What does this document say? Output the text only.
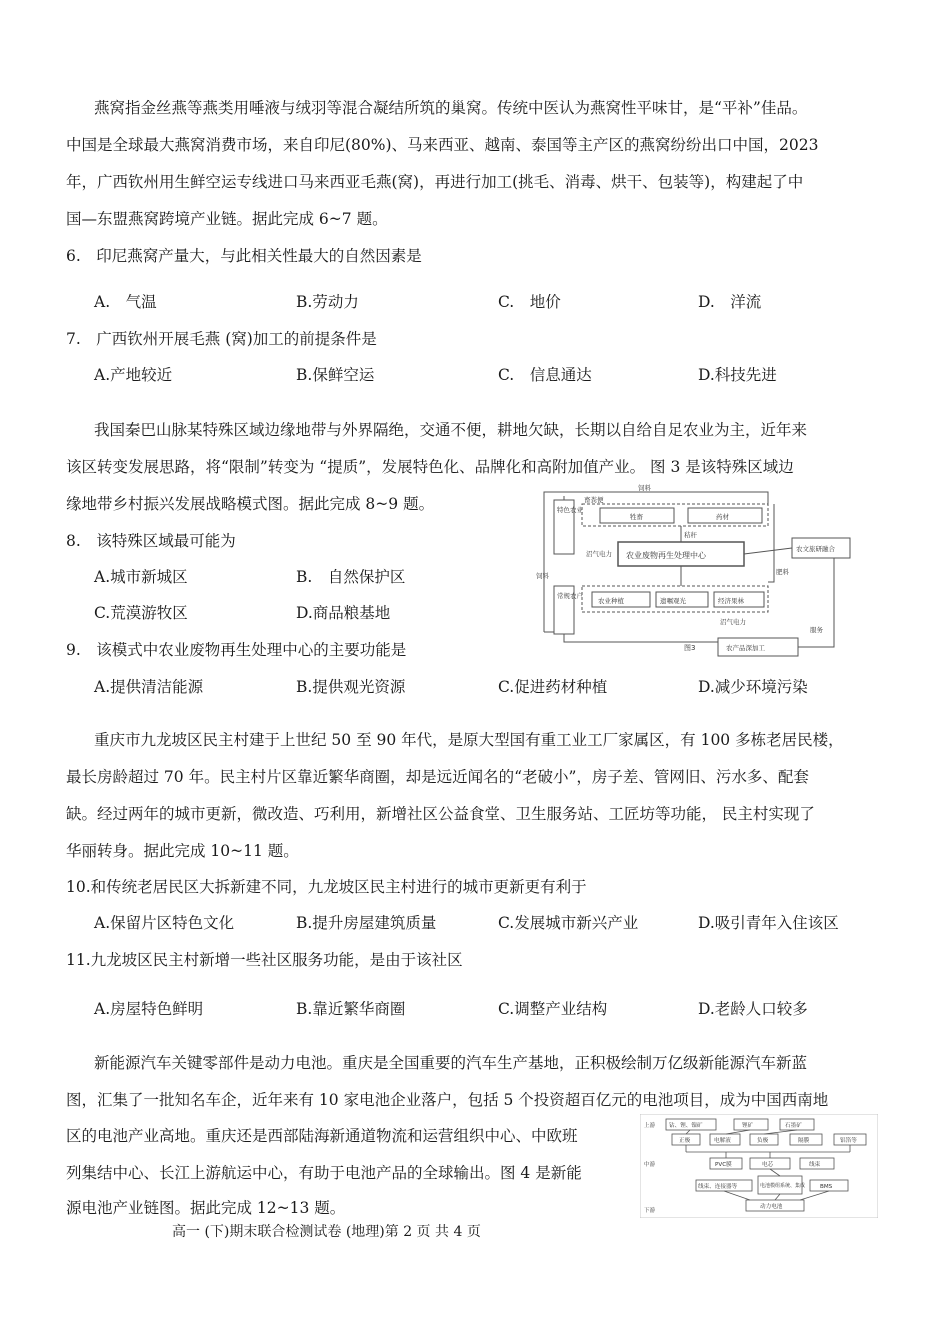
燕窝指金丝燕等燕类用唾液与绒羽等混合凝结所筑的巢窝。传统中医认为燕窝性平味甘，是“平补”佳品。
中国是全球最大燕窝消费市场，来自印尼(80%)、马来西亚、越南、泰国等主产区的燕窝纷纷出口中国，2023
年，广西钦州用生鲜空运专线进口马来西亚毛燕(窝)，再进行加工(挑毛、消毒、烘干、包装等)，构建起了中
国—东盟燕窝跨境产业链。据此完成 6~7 题。
6.　印尼燕窝产量大，与此相关性最大的自然因素是
A.　气温	B.劳动力	C.　地价	D.　洋流
7.　广西钦州开展毛燕 (窝)加工的前提条件是
A.产地较近	B.保鲜空运	C.　信息通达	D.科技先进
我国秦巴山脉某特殊区域边缘地带与外界隔绝，交通不便，耕地欠缺，长期以自给自足农业为主，近年来
该区转变发展思路，将“限制”转变为 “提质”，发展特色化、品牌化和高附加值产业。 图 3 是该特殊区域边
缘地带乡村振兴发展战略模式图。据此完成 8~9 题。
8.　该特殊区域最可能为
A.城市新城区	B.　自然保护区
C.荒漠游牧区	D.商品粮基地
9.　该模式中农业废物再生处理中心的主要功能是
A.提供清洁能源	B.提供观光资源	C.促进药材种植	D.减少环境污染
饲料
特色农业
常规农户
畜粪便
牲畜	药材
农业废物再生处理中心
沼气电力
秸秆
肥料
饲料
农业种植	遗嘱观光	经济果林
农文旅研融合
农产品深加工
服务
沼气电力
图3
重庆市九龙坡区民主村建于上世纪 50 至 90 年代，是原大型国有重工业工厂家属区，有 100 多栋老居民楼，
最长房龄超过 70 年。民主村片区靠近繁华商圈，却是远近闻名的“老破小”，房子差、管网旧、污水多、配套
缺。经过两年的城市更新，微改造、巧利用，新增社区公益食堂、卫生服务站、工匠坊等功能， 民主村实现了
华丽转身。据此完成 10~11 题。
10.和传统老居民区大拆新建不同，九龙坡区民主村进行的城市更新更有利于
A.保留片区特色文化	B.提升房屋建筑质量	C.发展城市新兴产业	D.吸引青年入住该区
11.九龙坡区民主村新增一些社区服务功能，是由于该社区
A.房屋特色鲜明	B.靠近繁华商圈	C.调整产业结构	D.老龄人口较多
新能源汽车关键零部件是动力电池。重庆是全国重要的汽车生产基地，正积极绘制万亿级新能源汽车新蓝
图，汇集了一批知名车企，近年来有 10 家电池企业落户，包括 5 个投资超百亿元的电池项目，成为中国西南地
区的电池产业高地。重庆还是西部陆海新通道物流和运营组织中心、中欧班
列集结中心、长江上游航运中心，有助于电池产品的全球输出。图 4 是新能
源电池产业链图。据此完成 12~13 题。
上游
中游
下游
钴、锂、镍矿	锂矿	石墨矿
正极	电解液	负极	隔膜	铝箔等
PVC膜	电芯	线束
线束、连接器等	电池模组系统、集成	BMS
动力电池
高一 (下)期末联合检测试卷 (地理)第 2 页 共 4 页
